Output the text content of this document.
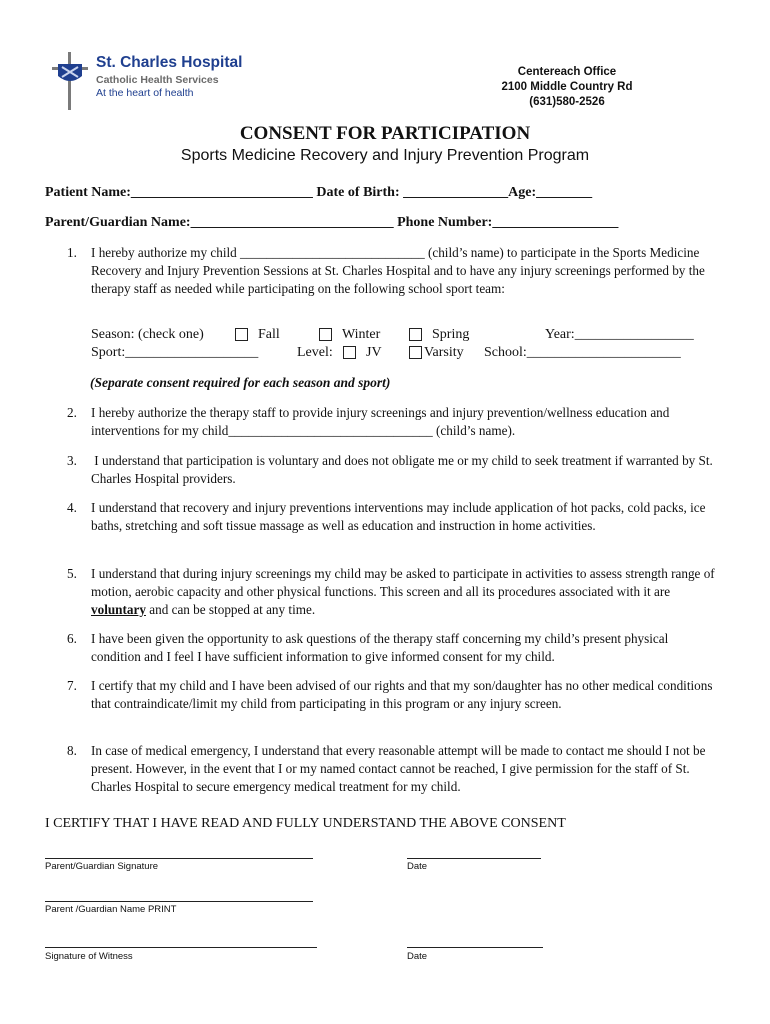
St. Charles Hospital
Catholic Health Services
At the heart of health
Centereach Office
2100 Middle Country Rd
(631)580-2526
CONSENT FOR PARTICIPATION
Sports Medicine Recovery and Injury Prevention Program
Patient Name:__________________________ Date of Birth: _______________Age:________
Parent/Guardian Name:_____________________________ Phone Number:__________________
1. I hereby authorize my child ____________________________ (child’s name) to participate in the Sports Medicine Recovery and Injury Prevention Sessions at St. Charles Hospital and to have any injury screenings performed by the therapy staff as needed while participating on the following school sport team:
Season: (check one)	Fall	Winter	Spring	Year:_________________
Sport:___________________	Level: JV	Varsity School:______________________
(Separate consent required for each season and sport)
2. I hereby authorize the therapy staff to provide injury screenings and injury prevention/wellness education and interventions for my child_______________________________ (child’s name).
3. I understand that participation is voluntary and does not obligate me or my child to seek treatment if warranted by St. Charles Hospital providers.
4. I understand that recovery and injury preventions interventions may include application of hot packs, cold packs, ice baths, stretching and soft tissue massage as well as education and instruction in home activities.
5. I understand that during injury screenings my child may be asked to participate in activities to assess strength range of motion, aerobic capacity and other physical functions. This screen and all its procedures associated with it are voluntary and can be stopped at any time.
6. I have been given the opportunity to ask questions of the therapy staff concerning my child’s present physical condition and I feel I have sufficient information to give informed consent for my child.
7. I certify that my child and I have been advised of our rights and that my son/daughter has no other medical conditions that contraindicate/limit my child from participating in this program or any injury screen.
8. In case of medical emergency, I understand that every reasonable attempt will be made to contact me should I not be present. However, in the event that I or my named contact cannot be reached, I give permission for the staff of St. Charles Hospital to secure emergency medical treatment for my child.
I CERTIFY THAT I HAVE READ AND FULLY UNDERSTAND THE ABOVE CONSENT
Parent/Guardian Signature	Date
Parent /Guardian Name PRINT
Signature of Witness	Date
